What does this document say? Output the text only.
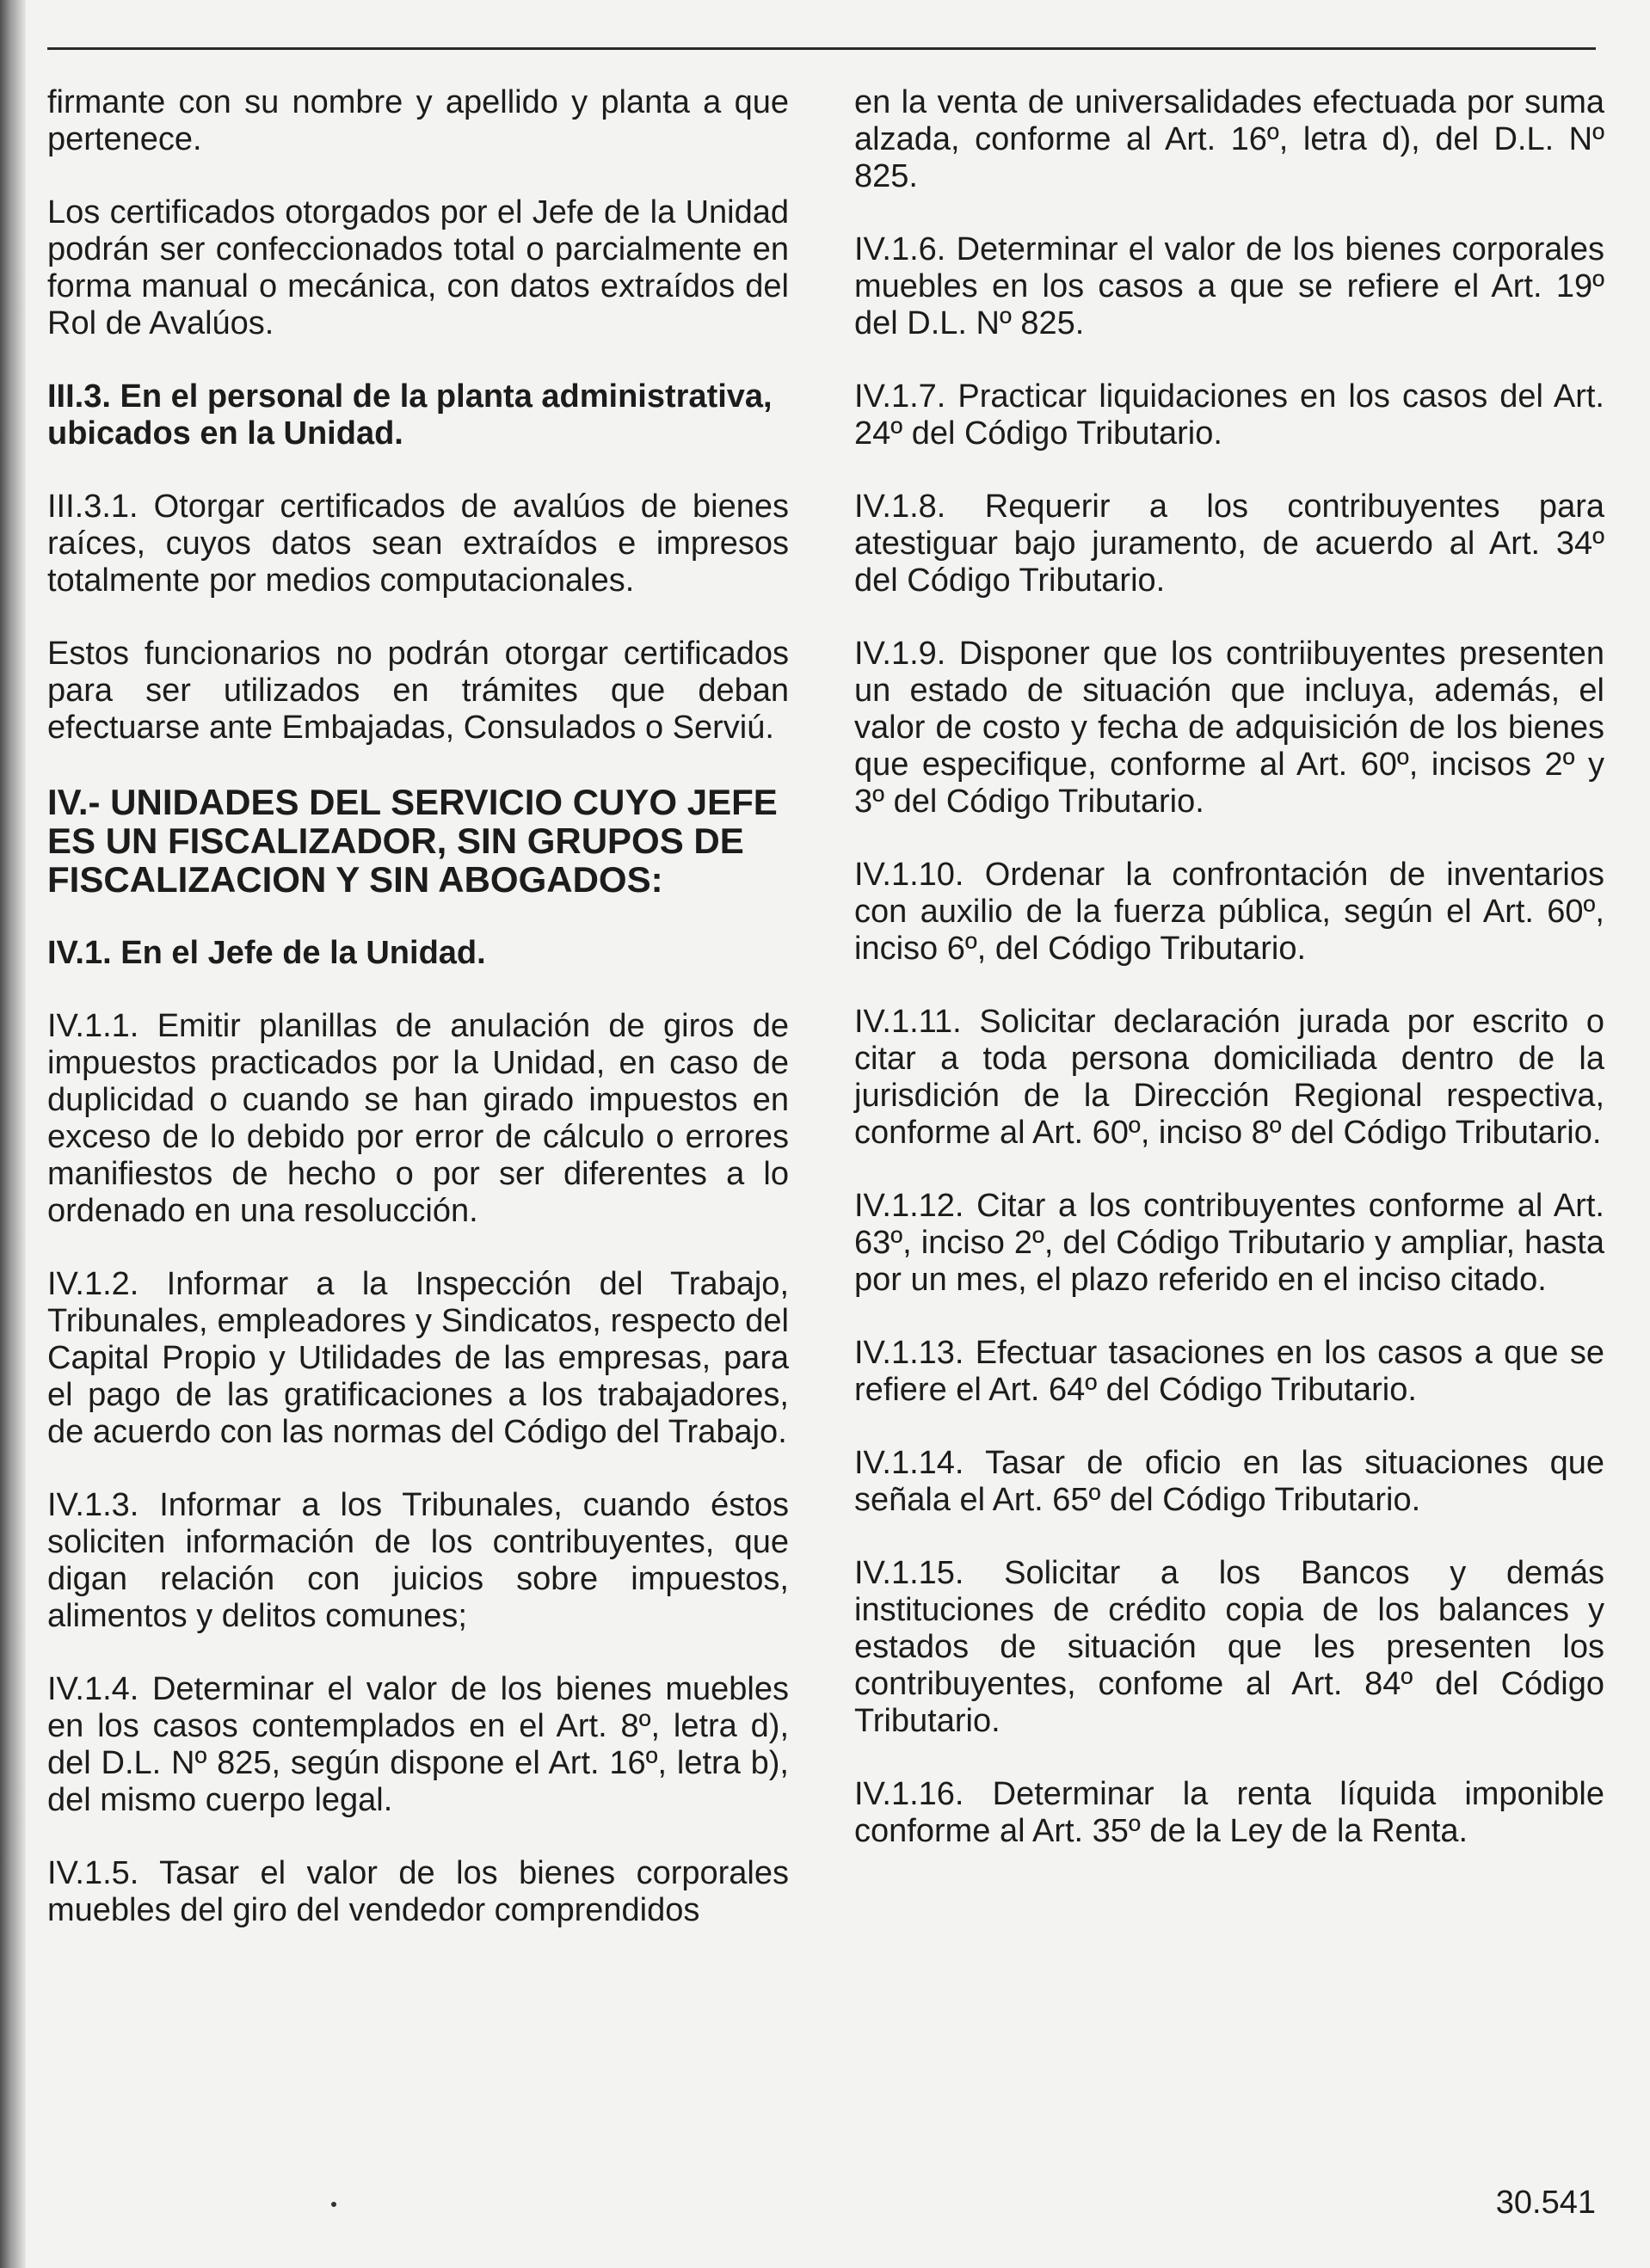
firmante con su nombre y apellido y planta a que pertenece.

Los certificados otorgados por el Jefe de la Unidad podrán ser confeccionados total o parcialmente en forma manual o mecánica, con datos extraídos del Rol de Avalúos.

III.3. En el personal de la planta administrativa, ubicados en la Unidad.

III.3.1. Otorgar certificados de avalúos de bienes raíces, cuyos datos sean extraídos e impresos totalmente por medios computacionales.

Estos funcionarios no podrán otorgar certificados para ser utilizados en trámites que deban efectuarse ante Embajadas, Consulados o Serviú.

IV.- UNIDADES DEL SERVICIO CUYO JEFE ES UN FISCALIZADOR, SIN GRUPOS DE FISCALIZACION Y SIN ABOGADOS:

IV.1. En el Jefe de la Unidad.

IV.1.1. Emitir planillas de anulación de giros de impuestos practicados por la Unidad, en caso de duplicidad o cuando se han girado impuestos en exceso de lo debido por error de cálculo o errores manifiestos de hecho o por ser diferentes a lo ordenado en una resolucción.

IV.1.2. Informar a la Inspección del Trabajo, Tribunales, empleadores y Sindicatos, respecto del Capital Propio y Utilidades de las empresas, para el pago de las gratificaciones a los trabajadores, de acuerdo con las normas del Código del Trabajo.

IV.1.3. Informar a los Tribunales, cuando éstos soliciten información de los contribuyentes, que digan relación con juicios sobre impuestos, alimentos y delitos comunes;

IV.1.4. Determinar el valor de los bienes muebles en los casos contemplados en el Art. 8º, letra d), del D.L. Nº 825, según dispone el Art. 16º, letra b), del mismo cuerpo legal.

IV.1.5. Tasar el valor de los bienes corporales muebles del giro del vendedor comprendidos

en la venta de universalidades efectuada por suma alzada, conforme al Art. 16º, letra d), del D.L. Nº 825.

IV.1.6. Determinar el valor de los bienes corporales muebles en los casos a que se refiere el Art. 19º del D.L. Nº 825.

IV.1.7. Practicar liquidaciones en los casos del Art. 24º del Código Tributario.

IV.1.8. Requerir a los contribuyentes para atestiguar bajo juramento, de acuerdo al Art. 34º del Código Tributario.

IV.1.9. Disponer que los contriibuyentes presenten un estado de situación que incluya, además, el valor de costo y fecha de adquisición de los bienes que especifique, conforme al Art. 60º, incisos 2º y 3º del Código Tributario.

IV.1.10. Ordenar la confrontación de inventarios con auxilio de la fuerza pública, según el Art. 60º, inciso 6º, del Código Tributario.

IV.1.11. Solicitar declaración jurada por escrito o citar a toda persona domiciliada dentro de la jurisdición de la Dirección Regional respectiva, conforme al Art. 60º, inciso 8º del Código Tributario.

IV.1.12. Citar a los contribuyentes conforme al Art. 63º, inciso 2º, del Código Tributario y ampliar, hasta por un mes, el plazo referido en el inciso citado.

IV.1.13. Efectuar tasaciones en los casos a que se refiere el Art. 64º del Código Tributario.

IV.1.14. Tasar de oficio en las situaciones que señala el Art. 65º del Código Tributario.

IV.1.15. Solicitar a los Bancos y demás instituciones de crédito copia de los balances y estados de situación que les presenten los contribuyentes, confome al Art. 84º del Código Tributario.

IV.1.16. Determinar la renta líquida imponible conforme al Art. 35º de la Ley de la Renta.

30.541
